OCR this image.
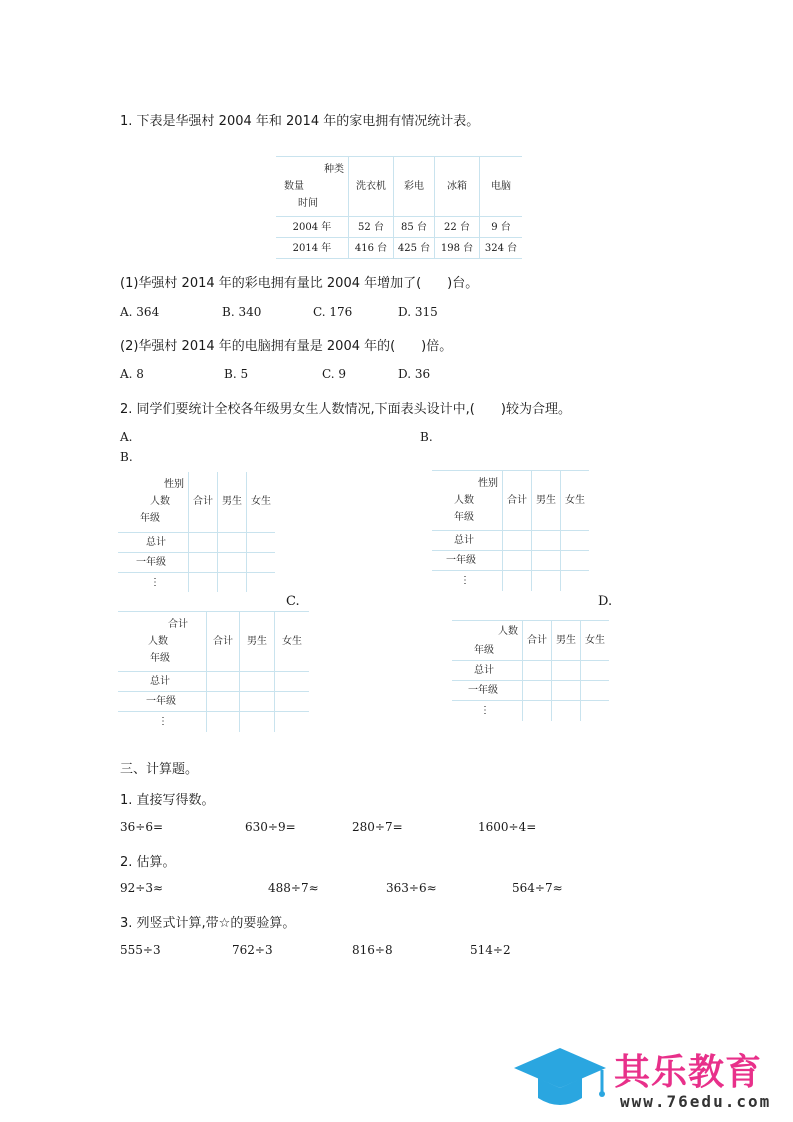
1. 下表是华强村 2004 年和 2014 年的家电拥有情况统计表。
种类
数量
时间	洗衣机	彩电	冰箱	电脑
2004 年	52 台	85 台	22 台	9 台
2014 年	416 台	425 台	198 台	324 台
(1)华强村 2014 年的彩电拥有量比 2004 年增加了(　　)台。
A. 364	B. 340	C. 176	D. 315
(2)华强村 2014 年的电脑拥有量是 2004 年的(　　)倍。
A. 8	B. 5	C. 9	D. 36
2. 同学们要统计全校各年级男女生人数情况,下面表头设计中,(　　)较为合理。
A.	B.
B.
性别
人数
年级	合计	男生	女生
总计			
一年级			
⋮			
性别
人数
年级	合计	男生	女生
总计			
一年级			
⋮			
C.	D.
合计
人数
年级	合计	男生	女生
总计			
一年级			
⋮			
人数
年级	合计	男生	女生
总计			
一年级			
⋮			
三、计算题。
1. 直接写得数。
36÷6=	630÷9=	280÷7=	1600÷4=
2. 估算。
92÷3≈	488÷7≈	363÷6≈	564÷7≈
3. 列竖式计算,带☆的要验算。
555÷3	762÷3	816÷8	514÷2
其乐教育
www.76edu.com
